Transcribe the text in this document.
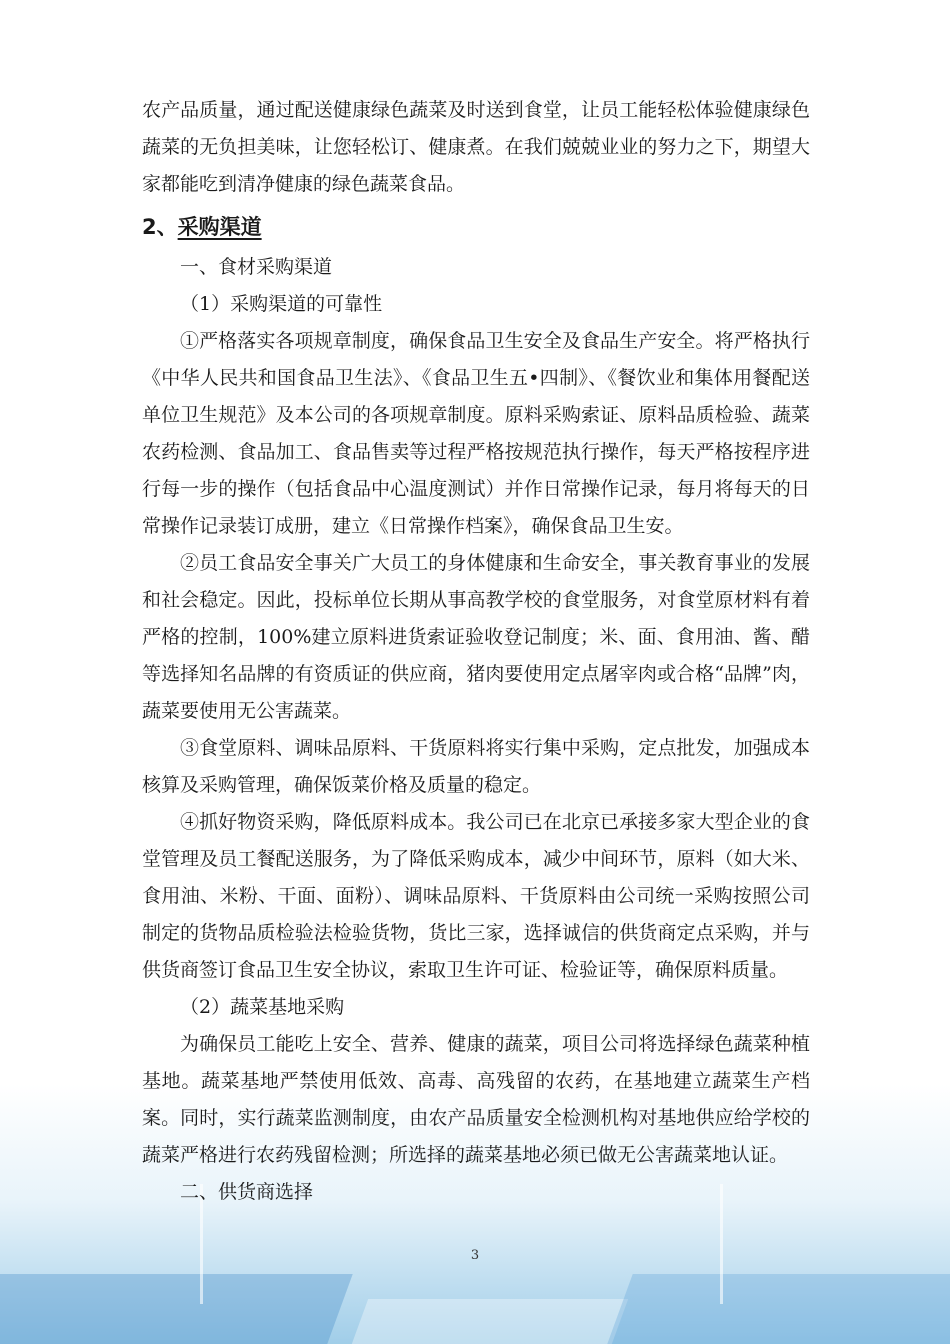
农产品质量，通过配送健康绿色蔬菜及时送到食堂，让员工能轻松体验健康绿色蔬菜的无负担美味，让您轻松订、健康煮。在我们兢兢业业的努力之下，期望大家都能吃到清净健康的绿色蔬菜食品。

2、采购渠道

一、食材采购渠道

（1）采购渠道的可靠性

①严格落实各项规章制度，确保食品卫生安全及食品生产安全。将严格执行《中华人民共和国食品卫生法》、《食品卫生五•四制》、《餐饮业和集体用餐配送单位卫生规范》及本公司的各项规章制度。原料采购索证、原料品质检验、蔬菜农药检测、食品加工、食品售卖等过程严格按规范执行操作，每天严格按程序进行每一步的操作（包括食品中心温度测试）并作日常操作记录，每月将每天的日常操作记录装订成册，建立《日常操作档案》，确保食品卫生安。

②员工食品安全事关广大员工的身体健康和生命安全，事关教育事业的发展和社会稳定。因此，投标单位长期从事高教学校的食堂服务，对食堂原材料有着严格的控制，100%建立原料进货索证验收登记制度；米、面、食用油、酱、醋等选择知名品牌的有资质证的供应商，猪肉要使用定点屠宰肉或合格“品牌”肉，蔬菜要使用无公害蔬菜。

③食堂原料、调味品原料、干货原料将实行集中采购，定点批发，加强成本核算及采购管理，确保饭菜价格及质量的稳定。

④抓好物资采购，降低原料成本。我公司已在北京已承接多家大型企业的食堂管理及员工餐配送服务，为了降低采购成本，减少中间环节，原料（如大米、食用油、米粉、干面、面粉）、调味品原料、干货原料由公司统一采购按照公司制定的货物品质检验法检验货物，货比三家，选择诚信的供货商定点采购，并与供货商签订食品卫生安全协议，索取卫生许可证、检验证等，确保原料质量。

（2）蔬菜基地采购

为确保员工能吃上安全、营养、健康的蔬菜，项目公司将选择绿色蔬菜种植基地。蔬菜基地严禁使用低效、高毒、高残留的农药，在基地建立蔬菜生产档案。同时，实行蔬菜监测制度，由农产品质量安全检测机构对基地供应给学校的蔬菜严格进行农药残留检测；所选择的蔬菜基地必须已做无公害蔬菜地认证。

二、供货商选择

3
